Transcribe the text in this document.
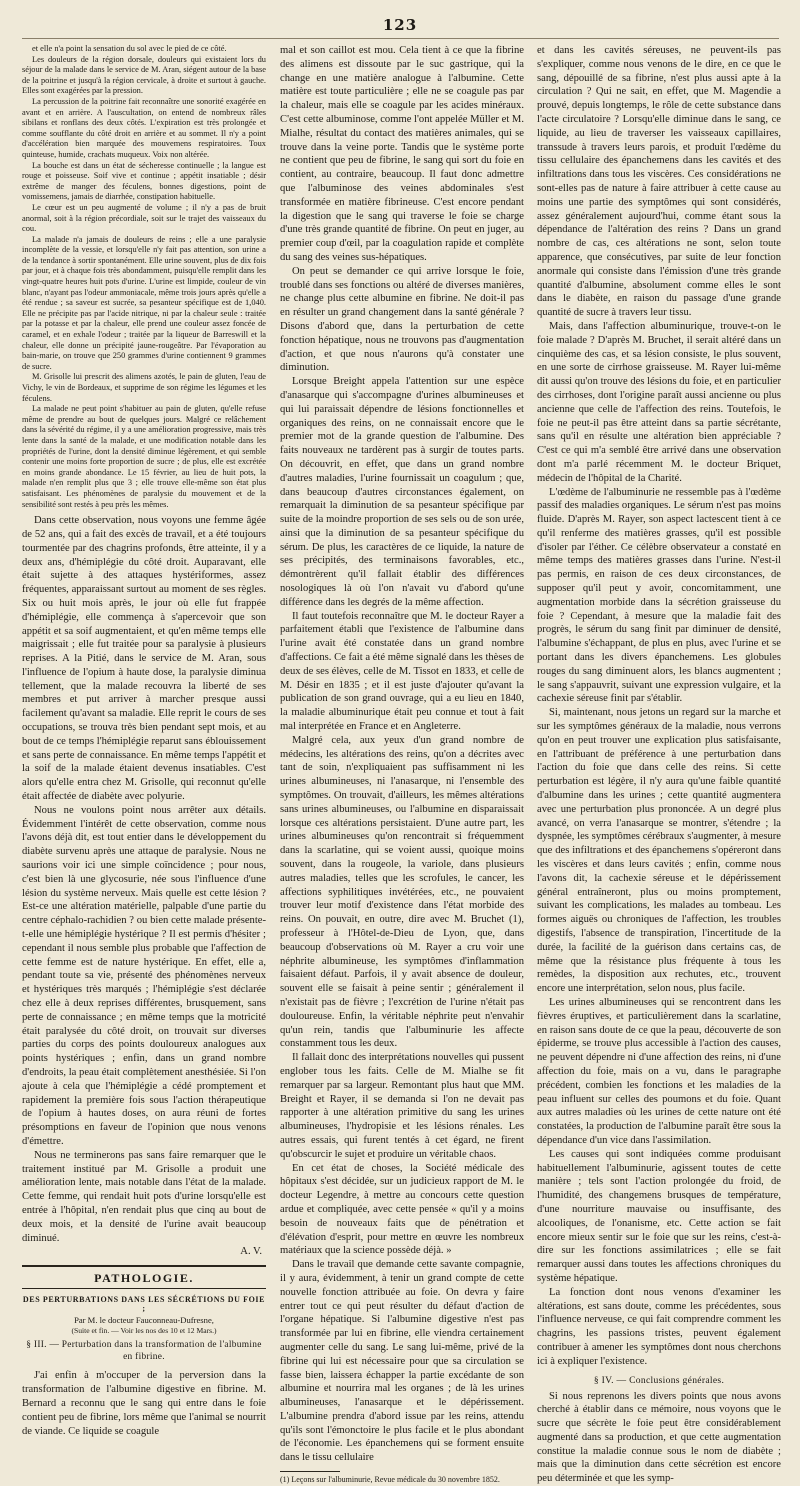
123

et elle n'a point la sensation du sol avec le pied de ce côté.

Les douleurs de la région dorsale, douleurs qui existaient lors du séjour de la malade dans le service de M. Aran, siégent autour de la base de la poitrine et jusqu'à la région cervicale, à droite et surtout à gauche. Elles sont exagérées par la pression.

La percussion de la poitrine fait reconnaître une sonorité exagérée en avant et en arrière. A l'auscultation, on entend de nombreux râles sibilans et ronflans des deux côtés. L'expiration est très prolongée et comme soufflante du côté droit en arrière et au sommet. Il n'y a point d'accélération bien marquée des mouvemens respiratoires. Toux quinteuse, humide, crachats muqueux. Voix non altérée.

La bouche est dans un état de sécheresse continuelle ; la langue est rouge et poisseuse. Soif vive et continue ; appétit insatiable ; désir extrême de manger des féculens, bonnes digestions, point de vomissemens, jamais de diarrhée, constipation habituelle.

Le cœur est un peu augmenté de volume ; il n'y a pas de bruit anormal, soit à la région précordiale, soit sur le trajet des vaisseaux du cou.

La malade n'a jamais de douleurs de reins ; elle a une paralysie incomplète de la vessie, et lorsqu'elle n'y fait pas attention, son urine a de la tendance à sortir spontanément. Elle urine souvent, plus de dix fois par jour, et à chaque fois très abondamment, puisqu'elle remplit dans les vingt-quatre heures huit pots d'urine. L'urine est limpide, couleur de vin blanc, n'ayant pas l'odeur ammoniacale, même trois jours après qu'elle a été rendue ; sa saveur est sucrée, sa pesanteur spécifique est de 1,040. Elle ne précipite pas par l'acide nitrique, ni par la chaleur seule : traitée par la potasse et par la chaleur, elle prend une couleur assez foncée de caramel, et en exhale l'odeur ; traitée par la liqueur de Barreswill et la chaleur, elle donne un précipité jaune-rougeâtre. Par l'évaporation au bain-marie, on trouve que 250 grammes d'urine contiennent 9 grammes de sucre.

M. Grisolle lui prescrit des alimens azotés, le pain de gluten, l'eau de Vichy, le vin de Bordeaux, et supprime de son régime les légumes et les féculens.

La malade ne peut point s'habituer au pain de gluten, qu'elle refuse même de prendre au bout de quelques jours. Malgré ce relâchement dans la sévérité du régime, il y a une amélioration progressive, mais très lente dans la santé de la malade, et une modification notable dans les propriétés de l'urine, dont la densité diminue légèrement, et qui semble contenir une moins forte proportion de sucre ; de plus, elle est excrétée en moins grande abondance. Le 15 février, au lieu de huit pots, la malade n'en remplit plus que 3 ; elle trouve elle-même son état plus satisfaisant. Les phénomènes de paralysie du mouvement et de la sensibilité sont restés à peu près les mêmes.

Dans cette observation, nous voyons une femme âgée de 52 ans, qui a fait des excès de travail, et a été toujours tourmentée par des chagrins profonds, être atteinte, il y a deux ans, d'hémiplégie du côté droit. Auparavant, elle était sujette à des attaques hystériformes, assez fréquentes, apparaissant surtout au moment de ses règles. Six ou huit mois après, le jour où elle fut frappée d'hémiplégie, elle commença à s'apercevoir que son appétit et sa soif augmentaient, et qu'en même temps elle maigrissait ; elle fut traitée pour sa paralysie à plusieurs reprises. A la Pitié, dans le service de M. Aran, sous l'influence de l'opium à haute dose, la paralysie diminua tellement, que la malade recouvra la liberté de ses membres et put arriver à marcher presque aussi facilement qu'avant sa maladie. Elle reprit le cours de ses occupations, se trouva très bien pendant sept mois, et au bout de ce temps l'hémiplégie reparut sans éblouissement et sans perte de connaissance. En même temps l'appétit et la soif de la malade étaient devenus insatiables. C'est alors qu'elle entra chez M. Grisolle, qui reconnut qu'elle était affectée de diabète avec polyurie.

Nous ne voulons point nous arrêter aux détails. Évidemment l'intérêt de cette observation, comme nous l'avons déjà dit, est tout entier dans le développement du diabète survenu après une attaque de paralysie. Nous ne saurions voir ici une simple coïncidence ; pour nous, c'est bien là une glycosurie, née sous l'influence d'une lésion du système nerveux. Mais quelle est cette lésion ? Est-ce une altération matérielle, palpable d'une partie du centre céphalo-rachidien ? ou bien cette malade présente-t-elle une hémiplégie hystérique ? Il est permis d'hésiter ; cependant il nous semble plus probable que l'affection de cette femme est de nature hystérique. En effet, elle a, pendant toute sa vie, présenté des phénomènes nerveux et hystériques très marqués ; l'hémiplégie s'est déclarée chez elle à deux reprises différentes, brusquement, sans perte de connaissance ; en même temps que la motricité était paralysée du côté droit, on trouvait sur diverses parties du corps des points douloureux analogues aux points hystériques ; enfin, dans un grand nombre d'endroits, la peau était complètement anesthésiée. Si l'on ajoute à cela que l'hémiplégie a cédé promptement et rapidement la première fois sous l'action thérapeutique de l'opium à hautes doses, on aura réuni de fortes présomptions en faveur de l'opinion que nous venons d'émettre.

Nous ne terminerons pas sans faire remarquer que le traitement institué par M. Grisolle a produit une amélioration lente, mais notable dans l'état de la malade. Cette femme, qui rendait huit pots d'urine lorsqu'elle est entrée à l'hôpital, n'en rendait plus que cinq au bout de deux mois, et la densité de l'urine avait beaucoup diminué.

A. V.

PATHOLOGIE.
DES PERTURBATIONS DANS LES SÉCRÉTIONS DU FOIE ;
Par M. le docteur Fauconneau-Dufresne,
(Suite et fin. — Voir les nos des 10 et 12 Mars.)
§ III. — Perturbation dans la transformation de l'albumine en fibrine.

J'ai enfin à m'occuper de la perversion dans la transformation de l'albumine digestive en fibrine. M. Bernard a reconnu que le sang qui entre dans le foie contient peu de fibrine, lors même que l'animal se nourrit de viande. Ce liquide se coagule

mal et son caillot est mou. Cela tient à ce que la fibrine des alimens est dissoute par le suc gastrique, qui la change en une matière analogue à l'albumine. Cette matière est toute particulière ; elle ne se coagule pas par la chaleur, mais elle se coagule par les acides minéraux. C'est cette albuminose, comme l'ont appelée Müller et M. Mialhe, résultat du contact des matières animales, qui se trouve dans la veine porte. Tandis que le système porte ne contient que peu de fibrine, le sang qui sort du foie en contient, au contraire, beaucoup. Il faut donc admettre que l'albuminose des veines abdominales s'est transformée en matière fibrineuse. C'est encore pendant la digestion que le sang qui traverse le foie se charge d'une très grande quantité de fibrine. On peut en juger, au premier coup d'œil, par la coagulation rapide et complète du sang des veines sus-hépatiques.

On peut se demander ce qui arrive lorsque le foie, troublé dans ses fonctions ou altéré de diverses manières, ne change plus cette albumine en fibrine. Ne doit-il pas en résulter un grand changement dans la santé générale ? Disons d'abord que, dans la perturbation de cette fonction hépatique, nous ne trouvons pas d'augmentation d'action, et que nous n'aurons qu'à constater une diminution.

Lorsque Breight appela l'attention sur une espèce d'anasarque qui s'accompagne d'urines albumineuses et qui lui paraissait dépendre de lésions fonctionnelles et organiques des reins, on ne connaissait encore que le premier mot de la grande question de l'albumine. Des faits nouveaux ne tardèrent pas à surgir de toutes parts. On découvrit, en effet, que dans un grand nombre d'autres maladies, l'urine fournissait un coagulum ; que, dans beaucoup d'autres circonstances également, on remarquait la diminution de sa pesanteur spécifique par suite de la moindre proportion de ses sels ou de son urée, ainsi que la diminution de sa pesanteur spécifique du sérum. De plus, les caractères de ce liquide, la nature de ses précipités, des terminaisons favorables, etc., démontrèrent qu'il fallait établir des différences nosologiques là où l'on n'avait vu d'abord qu'une différence dans les degrés de la même affection.

Il faut toutefois reconnaître que M. le docteur Rayer a parfaitement établi que l'existence de l'albumine dans l'urine avait été constatée dans un grand nombre d'affections. Ce fait a été même signalé dans les thèses de deux de ses élèves, celle de M. Tissot en 1833, et celle de M. Désir en 1835 ; et il est juste d'ajouter qu'avant la publication de son grand ouvrage, qui a eu lieu en 1840, la maladie albuminurique était peu connue et tout à fait mal interprétée en France et en Angleterre.

Malgré cela, aux yeux d'un grand nombre de médecins, les altérations des reins, qu'on a décrites avec tant de soin, n'expliquaient pas suffisamment ni les urines albumineuses, ni l'anasarque, ni l'ensemble des symptômes. On trouvait, d'ailleurs, les mêmes altérations sans urines albumineuses, ou l'albumine en disparaissait lorsque ces altérations persistaient. D'une autre part, les urines albumineuses qu'on rencontrait si fréquemment dans la scarlatine, qui se voient aussi, quoique moins souvent, dans la rougeole, la variole, dans plusieurs autres maladies, telles que les scrofules, le cancer, les affections syphilitiques invétérées, etc., ne pouvaient trouver leur motif d'existence dans l'état morbide des reins. On pouvait, en outre, dire avec M. Bruchet (1), professeur à l'Hôtel-de-Dieu de Lyon, que, dans beaucoup d'observations où M. Rayer a cru voir une néphrite albumineuse, les symptômes d'inflammation faisaient défaut. Parfois, il y avait absence de douleur, souvent elle se faisait à peine sentir ; généralement il n'existait pas de fièvre ; l'excrétion de l'urine n'était pas douloureuse. Enfin, la véritable néphrite peut n'envahir qu'un rein, tandis que l'albuminurie les affecte constamment tous les deux.

Il fallait donc des interprétations nouvelles qui pussent englober tous les faits. Celle de M. Mialhe se fit remarquer par sa largeur. Remontant plus haut que MM. Breight et Rayer, il se demanda si l'on ne devait pas rapporter à une altération primitive du sang les urines albumineuses, l'hydropisie et les lésions rénales. Les autres essais, qui furent tentés à cet égard, ne firent qu'obscurcir le sujet et produire un véritable chaos.

En cet état de choses, la Société médicale des hôpitaux s'est décidée, sur un judicieux rapport de M. le docteur Legendre, à mettre au concours cette question ardue et compliquée, avec cette pensée « qu'il y a moins besoin de nouveaux faits que de pénétration et d'élévation d'esprit, pour mettre en œuvre les nombreux matériaux que la science possède déjà. »

Dans le travail que demande cette savante compagnie, il y aura, évidemment, à tenir un grand compte de cette nouvelle fonction attribuée au foie. On devra y faire entrer tout ce qui peut résulter du défaut d'action de l'organe hépatique. Si l'albumine digestive n'est pas transformée par lui en fibrine, elle viendra certainement augmenter celle du sang. Le sang lui-même, privé de la fibrine qui lui est nécessaire pour que sa circulation se fasse bien, laissera échapper la partie excédante de son albumine et nourrira mal les organes ; de là les urines albumineuses, l'anasarque et le dépérissement. L'albumine prendra d'abord issue par les reins, attendu qu'ils sont l'émonctoire le plus facile et le plus abondant de l'économie. Les épanchemens qui se forment ensuite dans le tissu cellulaire

(1) Leçons sur l'albuminurie, Revue médicale du 30 novembre 1852.

et dans les cavités séreuses, ne peuvent-ils pas s'expliquer, comme nous venons de le dire, en ce que le sang, dépouillé de sa fibrine, n'est plus aussi apte à la circulation ? Qui ne sait, en effet, que M. Magendie a prouvé, depuis longtemps, le rôle de cette substance dans l'acte circulatoire ? Lorsqu'elle diminue dans le sang, ce liquide, au lieu de traverser les vaisseaux capillaires, transsude à travers leurs parois, et produit l'œdème du tissu cellulaire des épanchemens dans les cavités et des infiltrations dans tous les viscères. Ces considérations ne sont-elles pas de nature à faire attribuer à cette cause au moins une partie des symptômes qui sont considérés, assez généralement aujourd'hui, comme étant sous la dépendance de l'altération des reins ? Dans un grand nombre de cas, ces altérations ne sont, selon toute apparence, que consécutives, par suite de leur fonction anormale qui consiste dans l'émission d'une très grande quantité d'albumine, absolument comme elles le sont dans le diabète, en raison du passage d'une grande quantité de sucre à travers leur tissu.

Mais, dans l'affection albuminurique, trouve-t-on le foie malade ? D'après M. Bruchet, il serait altéré dans un cinquième des cas, et sa lésion consiste, le plus souvent, en une sorte de cirrhose graisseuse. M. Rayer lui-même dit aussi qu'on trouve des lésions du foie, et en particulier des cirrhoses, dont l'origine paraît aussi ancienne ou plus ancienne que celle de l'affection des reins. Toutefois, le foie ne peut-il pas être atteint dans sa partie sécrétante, sans qu'il en résulte une altération bien appréciable ? C'est ce qui m'a semblé être arrivé dans une observation dont m'a parlé récemment M. le docteur Briquet, médecin de l'hôpital de la Charité.

L'œdème de l'albuminurie ne ressemble pas à l'œdème passif des maladies organiques. Le sérum n'est pas moins fluide. D'après M. Rayer, son aspect lactescent tient à ce qu'il renferme des matières grasses, qu'il est possible d'isoler par l'éther. Ce célèbre observateur a constaté en même temps des matières grasses dans l'urine. N'est-il pas permis, en raison de ces deux circonstances, de supposer qu'il peut y avoir, concomitamment, une augmentation morbide dans la sécrétion graisseuse du foie ? Cependant, à mesure que la maladie fait des progrès, le sérum du sang finit par diminuer de densité, l'albumine s'échappant, de plus en plus, avec l'urine et se portant dans les divers épanchemens. Les globules rouges du sang diminuent alors, les blancs augmentent ; le sang s'appauvrit, suivant une expression vulgaire, et la cachexie séreuse finit par s'établir.

Si, maintenant, nous jetons un regard sur la marche et sur les symptômes généraux de la maladie, nous verrons qu'on en peut trouver une explication plus satisfaisante, en l'attribuant de préférence à une perturbation dans l'action du foie que dans celle des reins. Si cette perturbation est légère, il n'y aura qu'une faible quantité d'albumine dans les urines ; cette quantité augmentera avec une perturbation plus prononcée. A un degré plus avancé, on verra l'anasarque se montrer, s'étendre ; la dyspnée, les symptômes cérébraux s'augmenter, à mesure que des infiltrations et des épanchemens s'opéreront dans les viscères et dans leurs cavités ; enfin, comme nous l'avons dit, la cachexie séreuse et le dépérissement général entraîneront, plus ou moins promptement, suivant les complications, les malades au tombeau. Les formes aiguës ou chroniques de l'affection, les troubles digestifs, l'absence de transpiration, l'incertitude de la durée, la facilité de la guérison dans certains cas, de même que la résistance plus fréquente à tous les remèdes, la disposition aux rechutes, etc., trouvent encore une interprétation, selon nous, plus facile.

Les urines albumineuses qui se rencontrent dans les fièvres éruptives, et particulièrement dans la scarlatine, en raison sans doute de ce que la peau, découverte de son épiderme, se trouve plus accessible à l'action des causes, ne peuvent dépendre ni d'une affection des reins, ni d'une affection du foie, mais on a vu, dans le paragraphe précédent, combien les fonctions et les maladies de la peau influent sur celles des poumons et du foie. Quant aux autres maladies où les urines de cette nature ont été constatées, la production de l'albumine paraît être sous la dépendance d'un vice dans l'assimilation.

Les causes qui sont indiquées comme produisant habituellement l'albuminurie, agissent toutes de cette manière ; tels sont l'action prolongée du froid, de l'humidité, des changemens brusques de température, d'une nourriture mauvaise ou insuffisante, des alcooliques, de l'onanisme, etc. Cette action se fait encore mieux sentir sur le foie que sur les reins, c'est-à-dire sur les fonctions assimilatrices ; elle se fait remarquer aussi dans toutes les affections chroniques du système hépatique.

La fonction dont nous venons d'examiner les altérations, est sans doute, comme les précédentes, sous l'influence nerveuse, ce qui fait comprendre comment les chagrins, les passions tristes, peuvent également contribuer à amener les symptômes dont nous cherchons ici à expliquer l'existence.

§ IV. — Conclusions générales.

Si nous reprenons les divers points que nous avons cherché à établir dans ce mémoire, nous voyons que le sucre que sécrète le foie peut être considérablement augmenté dans sa production, et que cette augmentation constitue la maladie connue sous le nom de diabète ; mais que la diminution dans cette sécrétion est encore peu déterminée et que les symp-
